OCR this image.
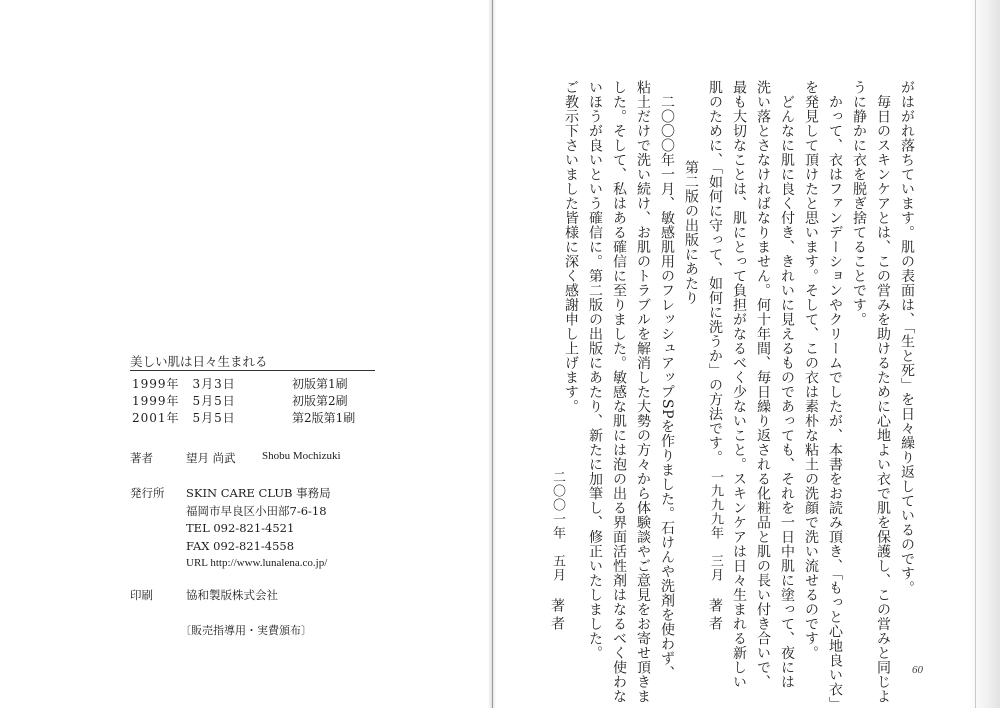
美しい肌は日々生まれる
1999年　3月3日	初版第1刷
1999年　5月5日	初版第2刷
2001年　5月5日	第2版第1刷
著者	望月 尚武 Shobu Mochizuki
発行所 SKIN CARE CLUB 事務局
福岡市早良区小田部7-6-18
TEL 092-821-4521
FAX 092-821-4558
URL http://www.lunalena.co.jp/
印刷	協和製版株式会社
〔販売指導用・実費頒布〕
がはがれ落ちています。肌の表面は、「生と死」を日々繰り返しているのです。
　毎日のスキンケアとは、この営みを助けるために心地よい衣で肌を保護し、この営みと同じよ
うに静かに衣を脱ぎ捨てることです。
　かって、衣はファンデーションやクリームでしたが、本書をお読み頂き、「もっと心地良い衣」
を発見して頂けたと思います。そして、この衣は素朴な粘土の洗顔で洗い流せるのです。
　どんなに肌に良く付き、きれいに見えるものであっても、それを一日中肌に塗って、夜には
洗い落とさなければなりません。何十年間、毎日繰り返される化粧品と肌の長い付き合いで、
最も大切なことは、肌にとって負担がなるべく少ないこと。スキンケアは日々生まれる新しい
肌のために、「如何に守って、如何に洗うか」の方法です。
一九九九年　三月
著者
第二版の出版にあたり
　二〇〇〇年一月、敏感肌用のフレッシュアップSPを作りました。石けんや洗剤を使わず、
粘土だけで洗い続け、お肌のトラブルを解消した大勢の方々から体験談やご意見をお寄せ頂きま
した。そして、私はある確信に至りました。敏感な肌には泡の出る界面活性剤はなるべく使わな
いほうが良いという確信に。第二版の出版にあたり、新たに加筆し、修正いたしました。
ご教示下さいました皆様に深く感謝申し上げます。
二〇〇一年　五月
著者
60
